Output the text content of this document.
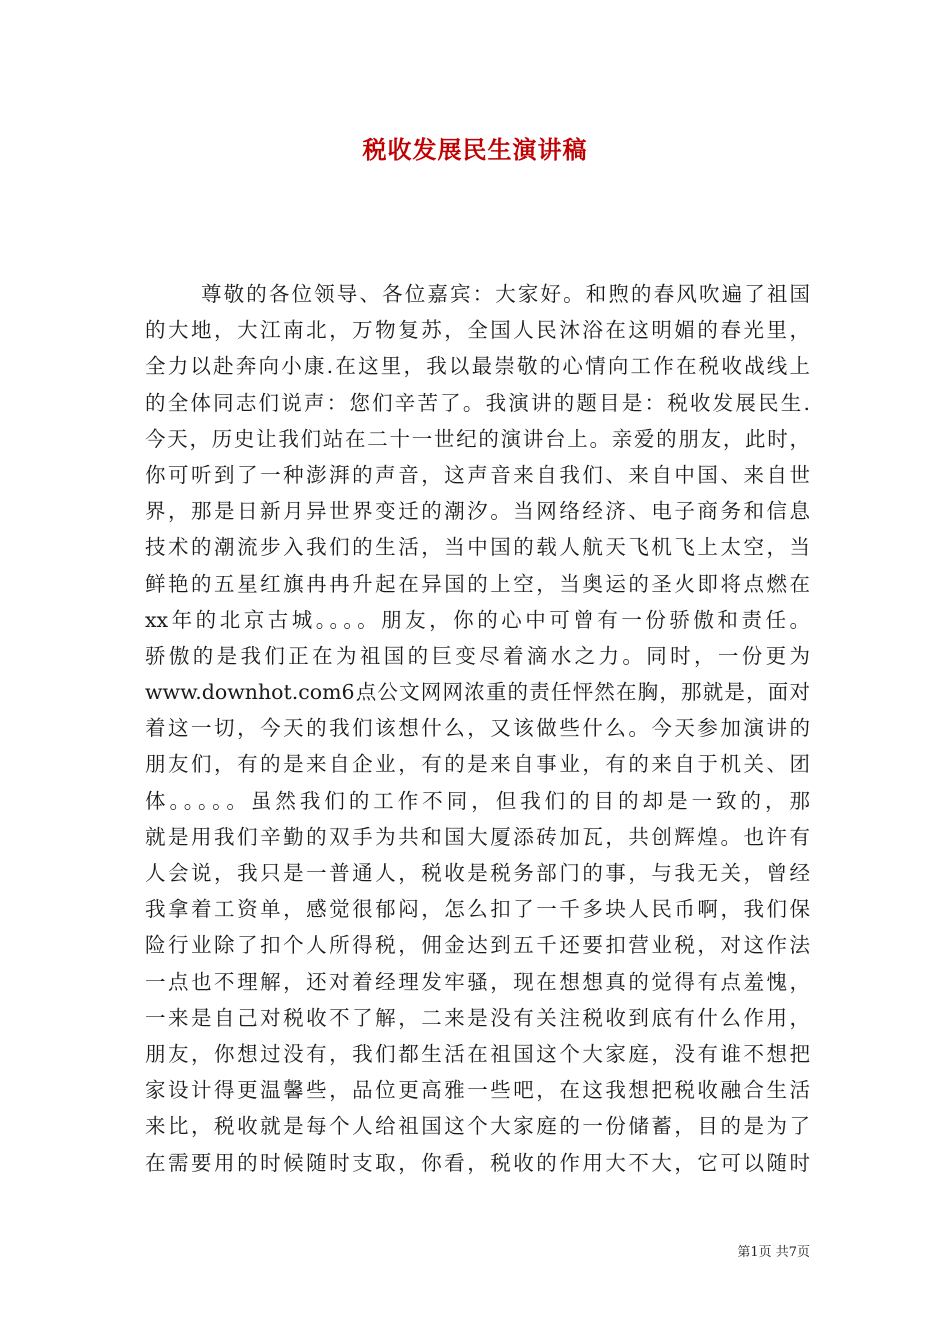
税收发展民生演讲稿
尊敬的各位领导、各位嘉宾：大家好。和煦的春风吹遍了祖国
的大地，大江南北，万物复苏，全国人民沐浴在这明媚的春光里，
全力以赴奔向小康.在这里，我以最崇敬的心情向工作在税收战线上
的全体同志们说声：您们辛苦了。我演讲的题目是：税收发展民生.
今天，历史让我们站在二十一世纪的演讲台上。亲爱的朋友，此时，
你可听到了一种澎湃的声音，这声音来自我们、来自中国、来自世
界，那是日新月异世界变迁的潮汐。当网络经济、电子商务和信息
技术的潮流步入我们的生活，当中国的载人航天飞机飞上太空，当
鲜艳的五星红旗冉冉升起在异国的上空，当奥运的圣火即将点燃在
xx年的北京古城。。。。朋友，你的心中可曾有一份骄傲和责任。
骄傲的是我们正在为祖国的巨变尽着滴水之力。同时，一份更为
www.downhot.com6点公文网网浓重的责任怦然在胸，那就是，面对
着这一切，今天的我们该想什么，又该做些什么。今天参加演讲的
朋友们，有的是来自企业，有的是来自事业，有的来自于机关、团
体。。。。。虽然我们的工作不同，但我们的目的却是一致的，那
就是用我们辛勤的双手为共和国大厦添砖加瓦，共创辉煌。也许有
人会说，我只是一普通人，税收是税务部门的事，与我无关，曾经
我拿着工资单，感觉很郁闷，怎么扣了一千多块人民币啊，我们保
险行业除了扣个人所得税，佣金达到五千还要扣营业税，对这作法
一点也不理解，还对着经理发牢骚，现在想想真的觉得有点羞愧，
一来是自己对税收不了解，二来是没有关注税收到底有什么作用，
朋友，你想过没有，我们都生活在祖国这个大家庭，没有谁不想把
家设计得更温馨些，品位更高雅一些吧，在这我想把税收融合生活
来比，税收就是每个人给祖国这个大家庭的一份储蓄，目的是为了
在需要用的时候随时支取，你看，税收的作用大不大，它可以随时
第1页 共7页
